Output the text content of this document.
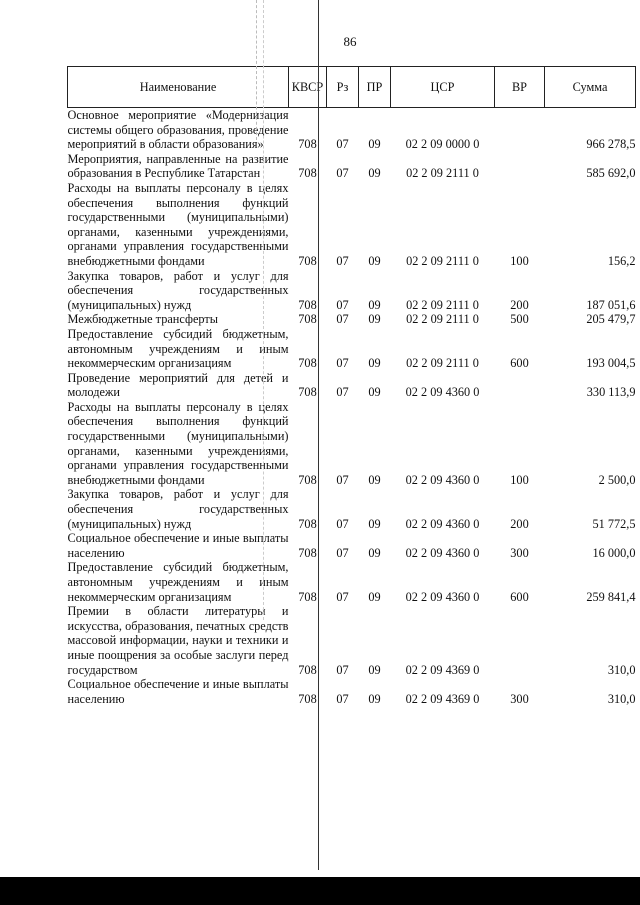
86
Наименование	КВСР	Рз	ПР	ЦСР	ВР	Сумма
Основное мероприятие «Модернизация системы общего образования, проведение мероприятий в области образования»	708	07	09	02 2 09 0000 0		966 278,5
Мероприятия, направленные на развитие образования в Республике Татарстан	708	07	09	02 2 09 2111 0		585 692,0
Расходы на выплаты персоналу в целях обеспечения выполнения функций государственными (муниципальными) органами, казенными учреждениями, органами управления государственными внебюджетными фондами	708	07	09	02 2 09 2111 0	100	156,2
Закупка товаров, работ и услуг для обеспечения государственных (муниципальных) нужд	708	07	09	02 2 09 2111 0	200	187 051,6
Межбюджетные трансферты	708	07	09	02 2 09 2111 0	500	205 479,7
Предоставление субсидий бюджетным, автономным учреждениям и иным некоммерческим организациям	708	07	09	02 2 09 2111 0	600	193 004,5
Проведение мероприятий для детей и молодежи	708	07	09	02 2 09 4360 0		330 113,9
Расходы на выплаты персоналу в целях обеспечения выполнения функций государственными (муниципальными) органами, казенными учреждениями, органами управления государственными внебюджетными фондами	708	07	09	02 2 09 4360 0	100	2 500,0
Закупка товаров, работ и услуг для обеспечения государственных (муниципальных) нужд	708	07	09	02 2 09 4360 0	200	51 772,5
Социальное обеспечение и иные выплаты населению	708	07	09	02 2 09 4360 0	300	16 000,0
Предоставление субсидий бюджетным, автономным учреждениям и иным некоммерческим организациям	708	07	09	02 2 09 4360 0	600	259 841,4
Премии в области литературы и искусства, образования, печатных средств массовой информации, науки и техники и иные поощрения за особые заслуги перед государством	708	07	09	02 2 09 4369 0		310,0
Социальное обеспечение и иные выплаты населению	708	07	09	02 2 09 4369 0	300	310,0
